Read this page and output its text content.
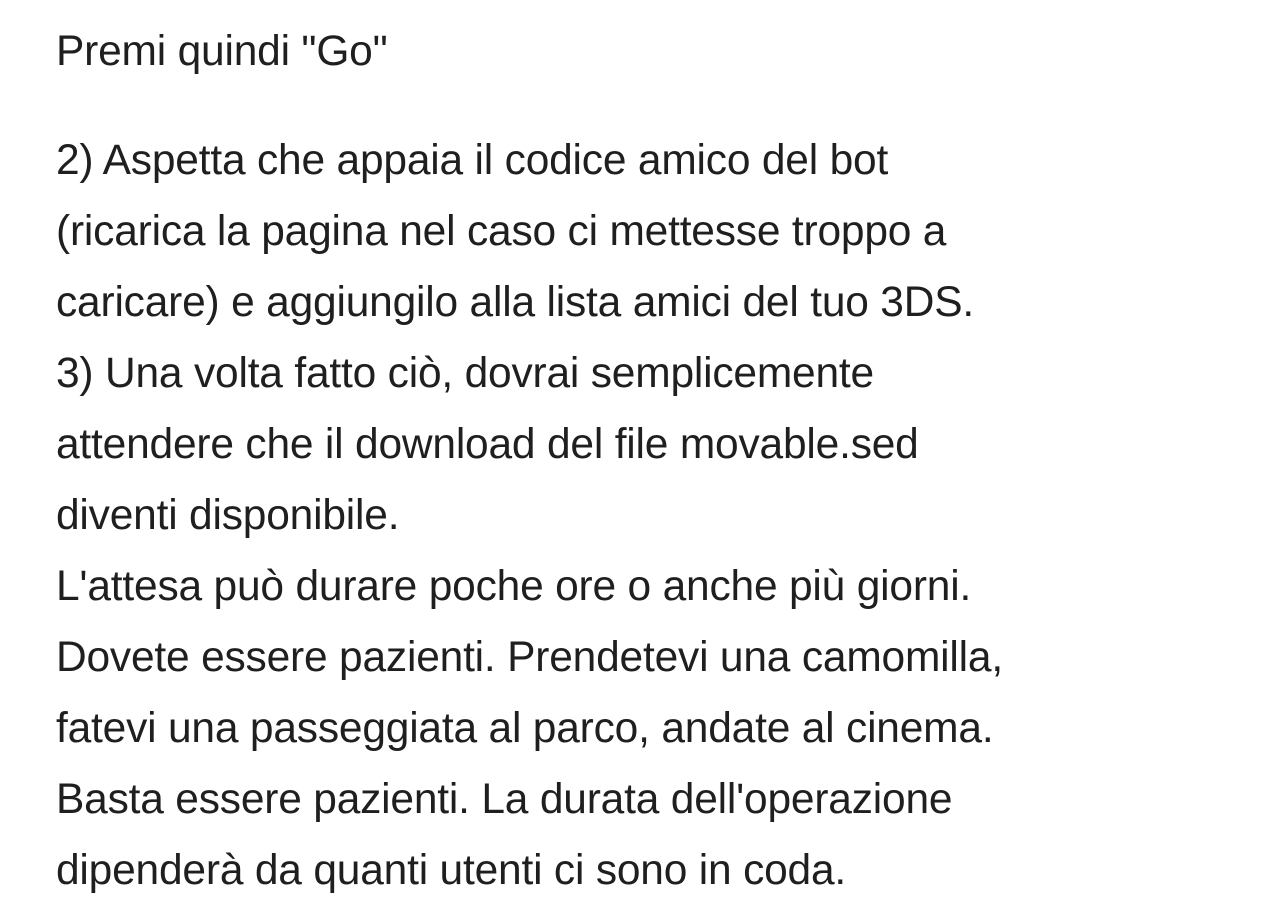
Premi quindi "Go"
2) Aspetta che appaia il codice amico del bot
(ricarica la pagina nel caso ci mettesse troppo a
caricare) e aggiungilo alla lista amici del tuo 3DS.
3) Una volta fatto ciò, dovrai semplicemente
attendere che il download del file movable.sed
diventi disponibile.
L'attesa può durare poche ore o anche più giorni.
Dovete essere pazienti. Prendetevi una camomilla,
fatevi una passeggiata al parco, andate al cinema.
Basta essere pazienti. La durata dell'operazione
dipenderà da quanti utenti ci sono in coda.
